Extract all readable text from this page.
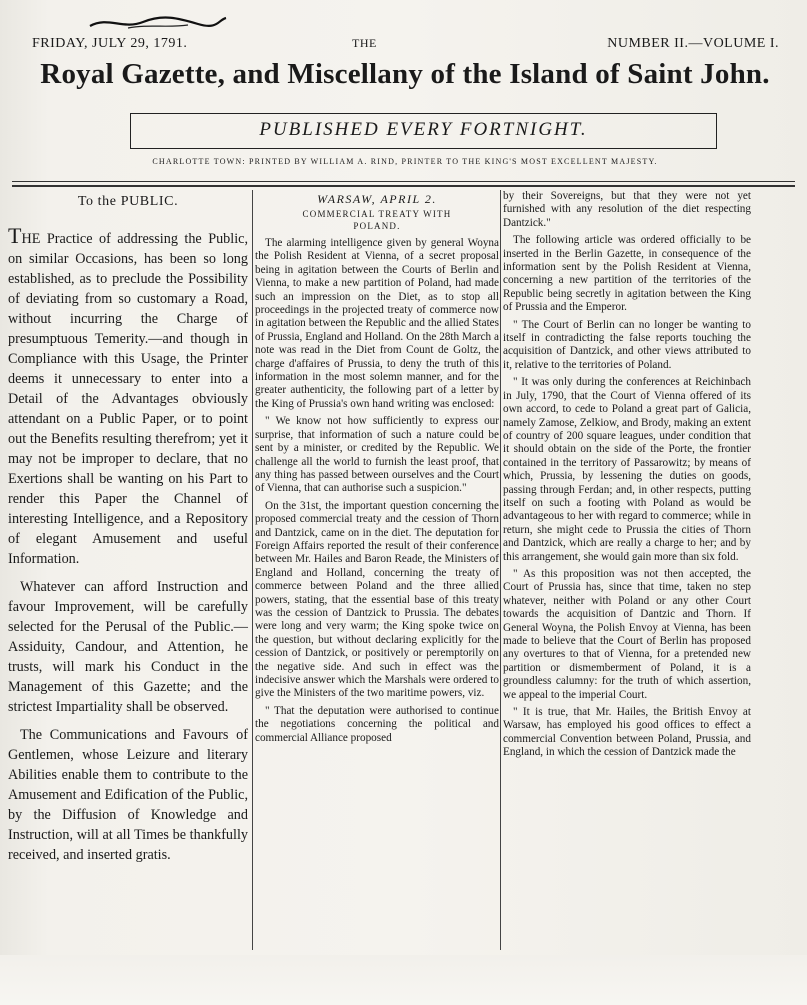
FRIDAY, JULY 29, 1791.	THE	NUMBER II.—VOLUME I.
Royal Gazette, and Miscellany of the Island of Saint John.
PUBLISHED EVERY FORTNIGHT.
CHARLOTTE TOWN: PRINTED BY WILLIAM A. RIND, PRINTER TO THE KING'S MOST EXCELLENT MAJESTY.
To the PUBLIC.

THE Practice of addressing the Public, on similar Occasions, has been so long established, as to preclude the Possibility of deviating from so customary a Road, without incurring the Charge of presumptuous Temerity.—and though in Compliance with this Usage, the Printer deems it unnecessary to enter into a Detail of the Advantages obviously attendant on a Public Paper, or to point out the Benefits resulting therefrom; yet it may not be improper to declare, that no Exertions shall be wanting on his Part to render this Paper the Channel of interesting Intelligence, and a Repository of elegant Amusement and useful Information.

Whatever can afford Instruction and favour Improvement, will be carefully selected for the Perusal of the Public.—Assiduity, Candour, and Attention, he trusts, will mark his Conduct in the Management of this Gazette; and the strictest Impartiality shall be observed.

The Communications and Favours of Gentlemen, whose Leizure and literary Abilities enable them to contribute to the Amusement and Edification of the Public, by the Diffusion of Knowledge and Instruction, will at all Times be thankfully received, and inserted gratis.

WARSAW, APRIL 2.
COMMERCIAL TREATY WITH
POLAND.

The alarming intelligence given by general Woyna the Polish Resident at Vienna, of a secret proposal being in agitation between the Courts of Berlin and Vienna, to make a new partition of Poland, had made such an impression on the Diet, as to stop all proceedings in the projected treaty of commerce now in agitation between the Republic and the allied States of Prussia, England and Holland. On the 28th March a note was read in the Diet from Count de Goltz, the charge d'affaires of Prussia, to deny the truth of this information in the most solemn manner, and for the greater authenticity, the following part of a letter by the King of Prussia's own hand writing was enclosed:

" We know not how sufficiently to express our surprise, that information of such a nature could be sent by a minister, or credited by the Republic. We challenge all the world to furnish the least proof, that any thing has passed between ourselves and the Court of Vienna, that can authorise such a suspicion."

On the 31st, the important question concerning the proposed commercial treaty and the cession of Thorn and Dantzick, came on in the diet. The deputation for Foreign Affairs reported the result of their conference between Mr. Hailes and Baron Reade, the Ministers of England and Holland, concerning the treaty of commerce between Poland and the three allied powers, stating, that the essential base of this treaty was the cession of Dantzick to Prussia. The debates were long and very warm; the King spoke twice on the question, but without declaring explicitly for the cession of Dantzick, or positively or peremptorily on the negative side. And such in effect was the indecisive answer which the Marshals were ordered to give the Ministers of the two maritime powers, viz.

" That the deputation were authorised to continue the negotiations concerning the political and commercial Alliance proposed

by their Sovereigns, but that they were not yet furnished with any resolution of the diet respecting Dantzick."

The following article was ordered officially to be inserted in the Berlin Gazette, in consequence of the information sent by the Polish Resident at Vienna, concerning a new partition of the territories of the Republic being secretly in agitation between the King of Prussia and the Emperor.

" The Court of Berlin can no longer be wanting to itself in contradicting the false reports touching the acquisition of Dantzick, and other views attributed to it, relative to the territories of Poland.

" It was only during the conferences at Reichinbach in July, 1790, that the Court of Vienna offered of its own accord, to cede to Poland a great part of Galicia, namely Zamose, Zelkiow, and Brody, making an extent of country of 200 square leagues, under condition that it should obtain on the side of the Porte, the frontier contained in the territory of Passarowitz; by means of which, Prussia, by lessening the duties on goods, passing through Ferdan; and, in other respects, putting itself on such a footing with Poland as would be advantageous to her with regard to commerce; while in return, she might cede to Prussia the cities of Thorn and Dantzick, which are really a charge to her; and by this arrangement, she would gain more than six fold.

" As this proposition was not then accepted, the Court of Prussia has, since that time, taken no step whatever, neither with Poland or any other Court towards the acquisition of Dantzic and Thorn. If General Woyna, the Polish Envoy at Vienna, has been made to believe that the Court of Berlin has proposed any overtures to that of Vienna, for a pretended new partition or dismemberment of Poland, it is a groundless calumny: for the truth of which assertion, we appeal to the imperial Court.

" It is true, that Mr. Hailes, the British Envoy at Warsaw, has employed his good offices to effect a commercial Convention between Poland, Prussia, and England, in which the cession of Dantzick made the
